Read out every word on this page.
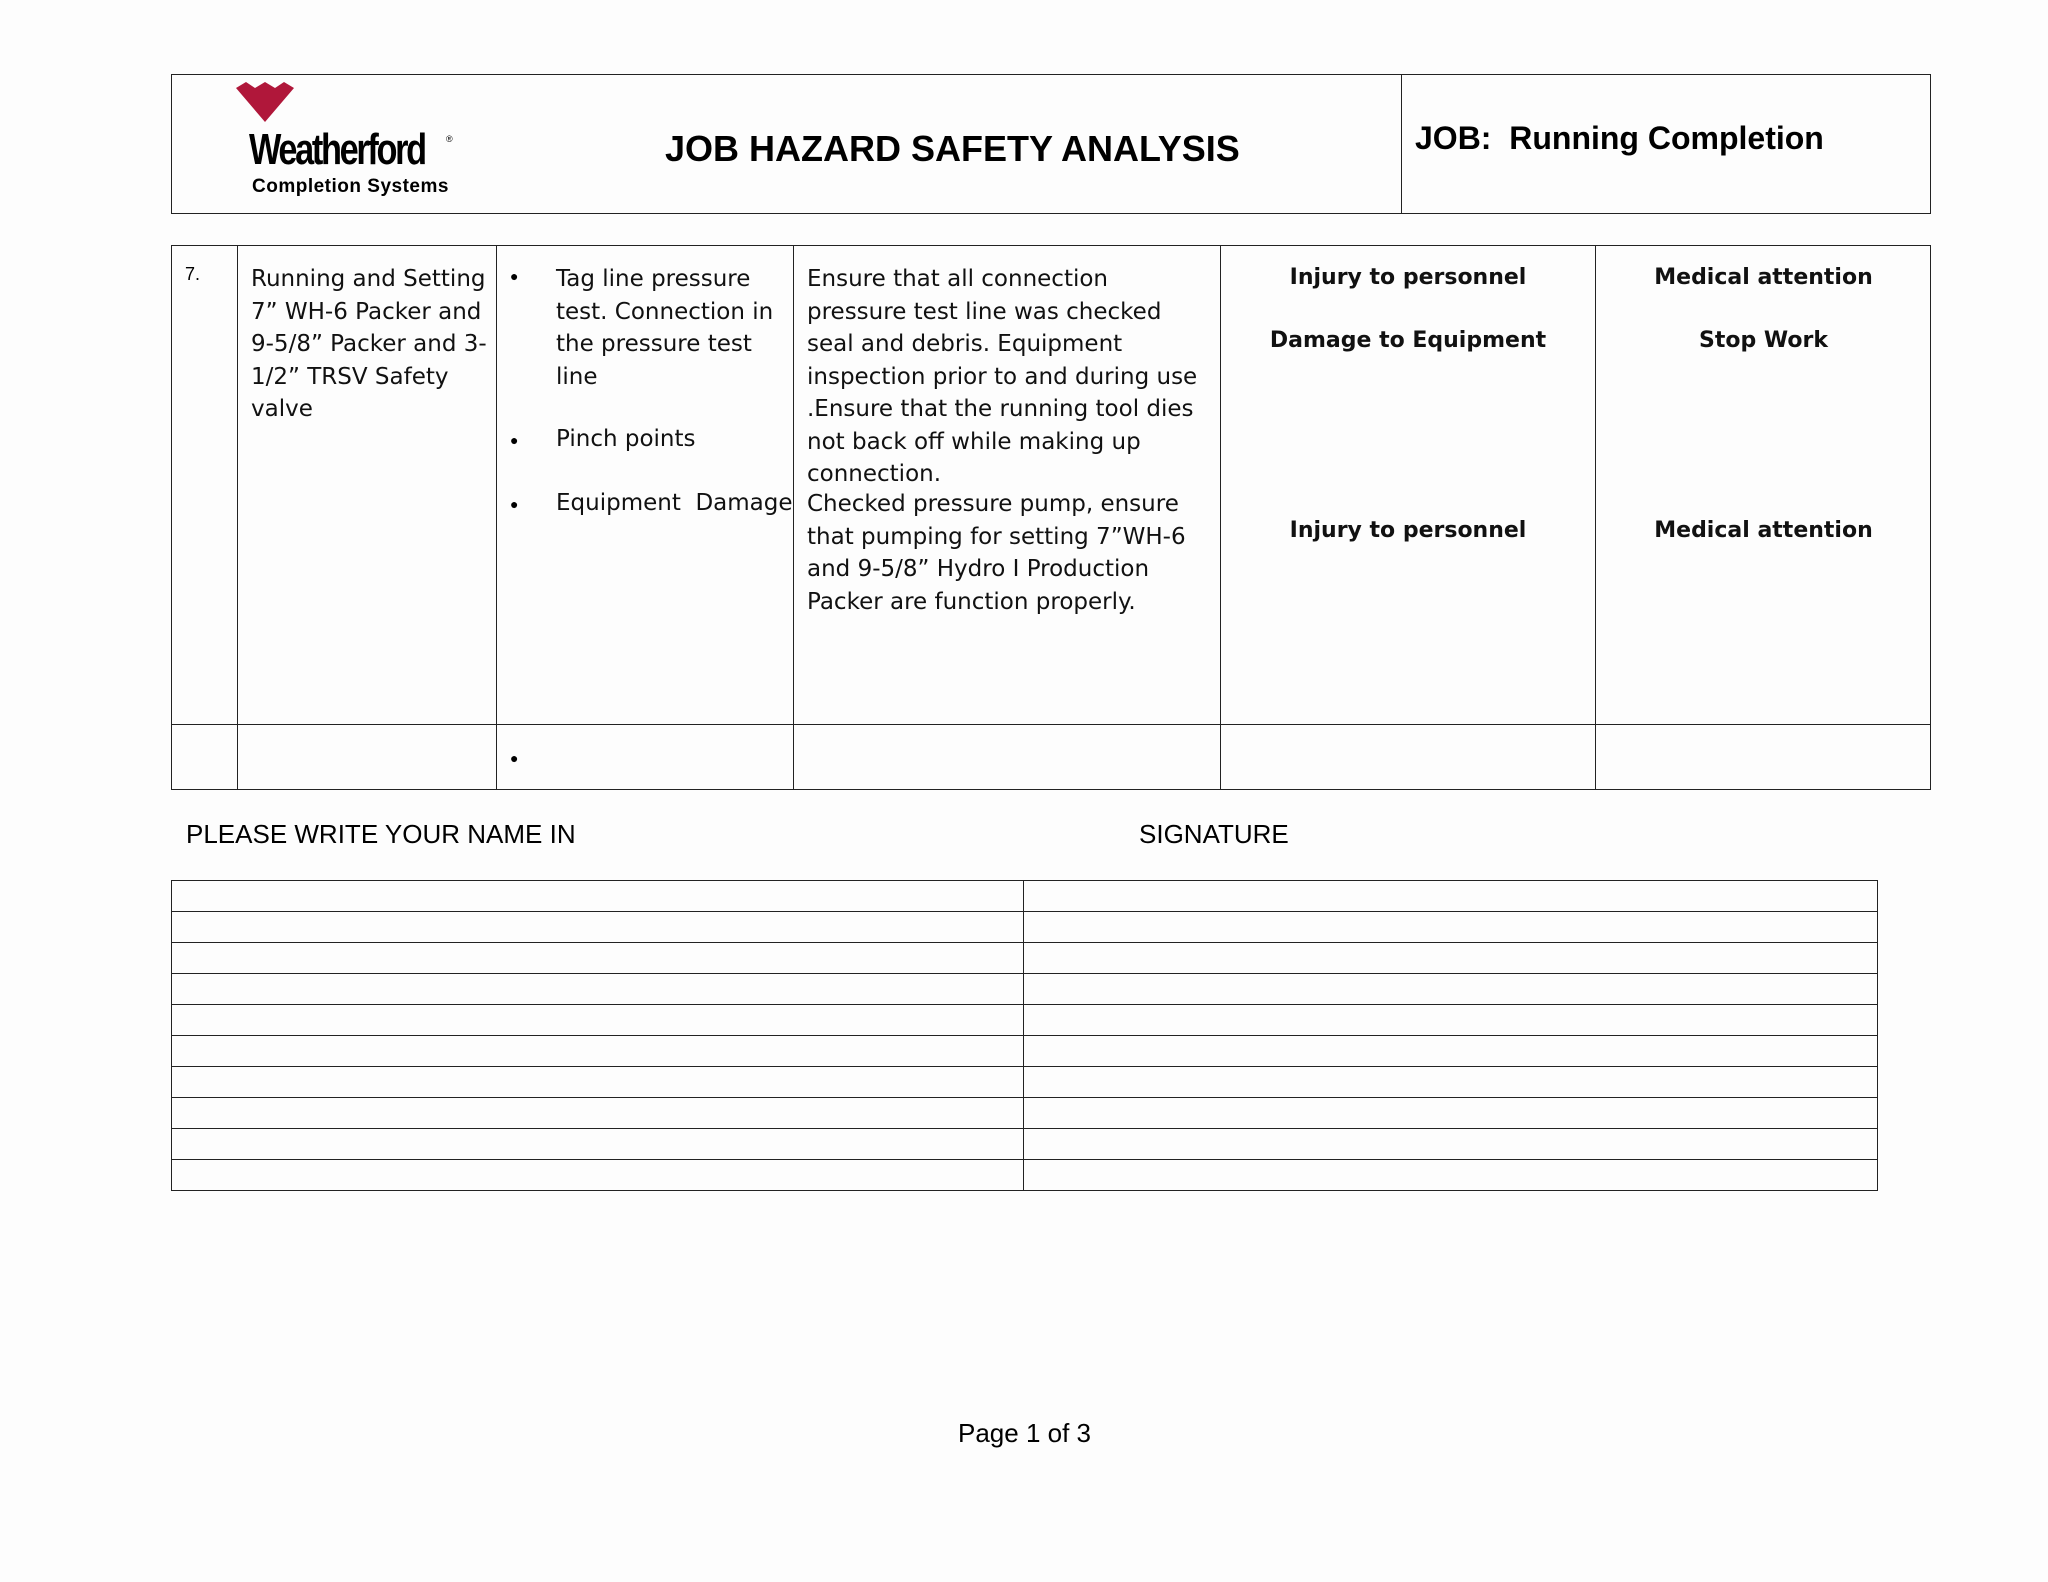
Weatherford ®
Completion Systems
JOB HAZARD SAFETY ANALYSIS	JOB:  Running Completion
7. Running and Setting 7” WH-6 Packer and 9-5/8” Packer and 3-1/2” TRSV Safety valve
● Tag line pressure test. Connection in the pressure test line
● Pinch points
● Equipment  Damage
Ensure that all connection pressure test line was checked seal and debris. Equipment inspection prior to and during use .Ensure that the running tool dies not back off while making up connection.
Checked pressure pump, ensure that pumping for setting 7”WH-6 and 9-5/8” Hydro I Production Packer are function properly.
Injury to personnel
Damage to Equipment
Injury to personnel
Medical attention
Stop Work
Medical attention
●
PLEASE WRITE YOUR NAME IN	SIGNATURE
Page 1 of 3
